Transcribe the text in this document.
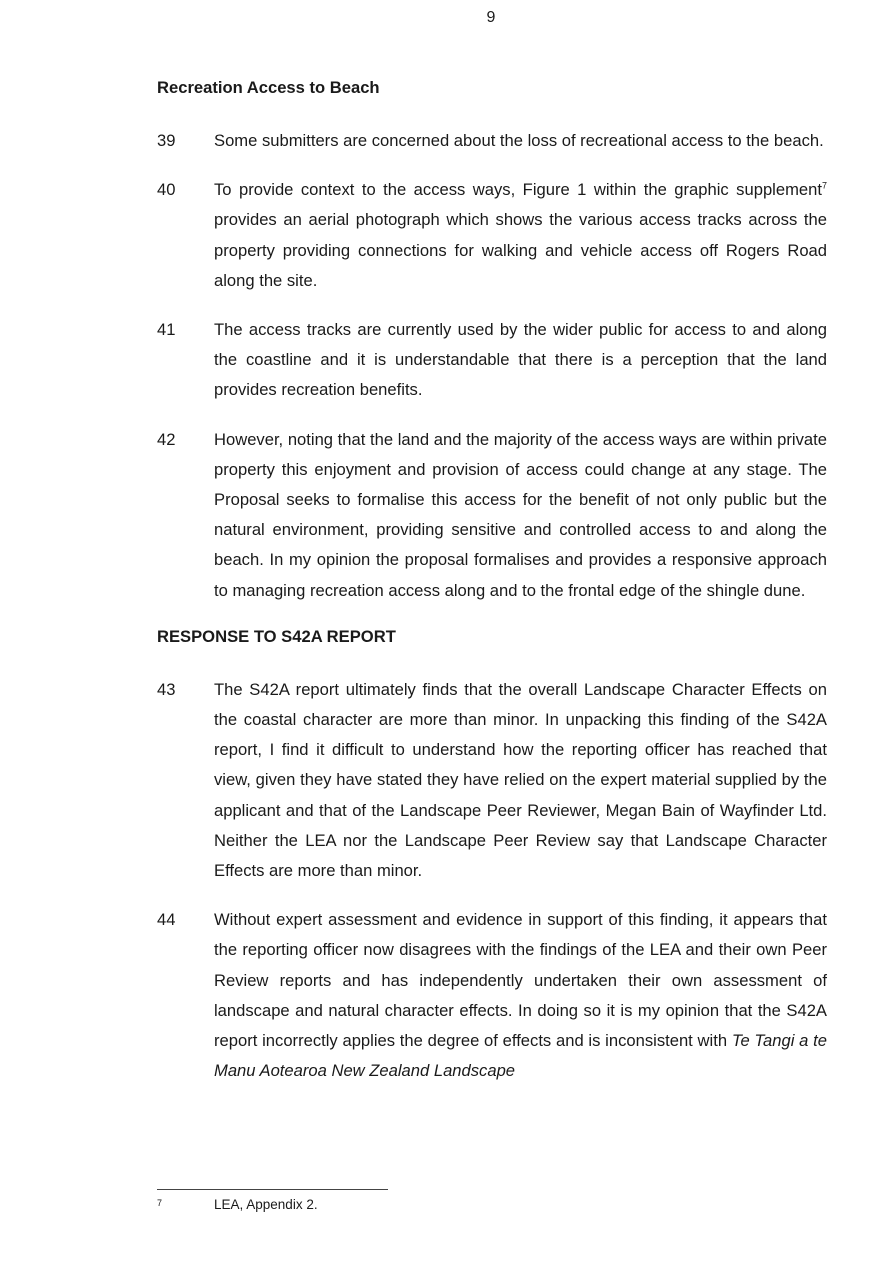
9

Recreation Access to Beach

39	Some submitters are concerned about the loss of recreational access to the beach.
40	To provide context to the access ways, Figure 1 within the graphic supplement$^7$ provides an aerial photograph which shows the various access tracks across the property providing connections for walking and vehicle access off Rogers Road along the site.
41	The access tracks are currently used by the wider public for access to and along the coastline and it is understandable that there is a perception that the land provides recreation benefits.
42	However, noting that the land and the majority of the access ways are within private property this enjoyment and provision of access could change at any stage. The Proposal seeks to formalise this access for the benefit of not only public but the natural environment, providing sensitive and controlled access to and along the beach. In my opinion the proposal formalises and provides a responsive approach to managing recreation access along and to the frontal edge of the shingle dune.

RESPONSE TO S42A REPORT

43	The S42A report ultimately finds that the overall Landscape Character Effects on the coastal character are more than minor. In unpacking this finding of the S42A report, I find it difficult to understand how the reporting officer has reached that view, given they have stated they have relied on the expert material supplied by the applicant and that of the Landscape Peer Reviewer, Megan Bain of Wayfinder Ltd. Neither the LEA nor the Landscape Peer Review say that Landscape Character Effects are more than minor.
44	Without expert assessment and evidence in support of this finding, it appears that the reporting officer now disagrees with the findings of the LEA and their own Peer Review reports and has independently undertaken their own assessment of landscape and natural character effects. In doing so it is my opinion that the S42A report incorrectly applies the degree of effects and is inconsistent with Te Tangi a te Manu Aotearoa New Zealand Landscape
7	LEA, Appendix 2.
